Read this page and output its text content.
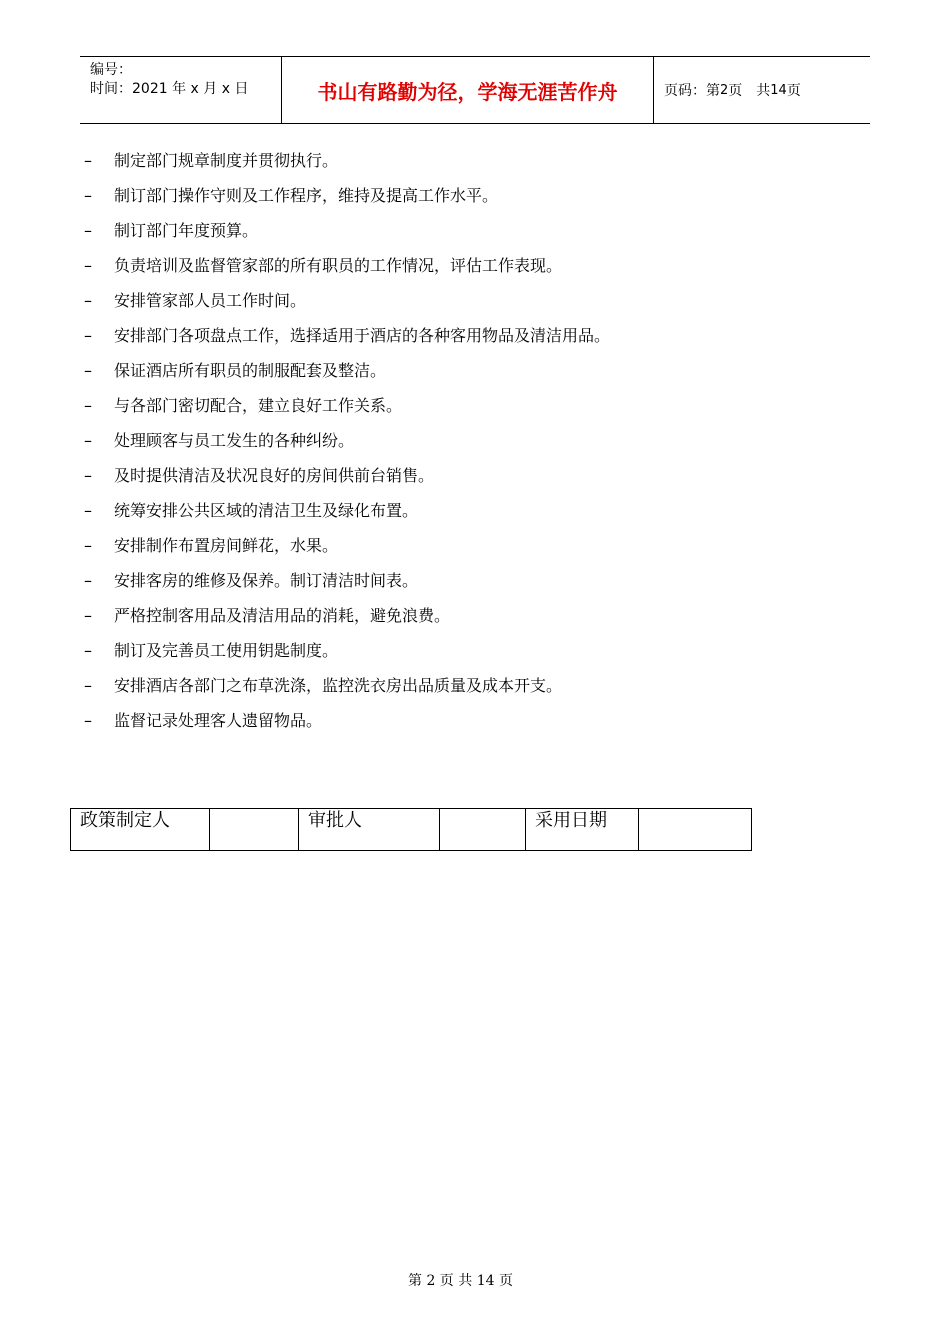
编号：
时间：2021 年 x 月 x 日	书山有路勤为径，学海无涯苦作舟	页码：第 2 页 共 14 页
–	制定部门规章制度并贯彻执行。
–	制订部门操作守则及工作程序，维持及提高工作水平。
–	制订部门年度预算。
–	负责培训及监督管家部的所有职员的工作情况，评估工作表现。
–	安排管家部人员工作时间。
–	安排部门各项盘点工作，选择适用于酒店的各种客用物品及清洁用品。
–	保证酒店所有职员的制服配套及整洁。
–	与各部门密切配合，建立良好工作关系。
–	处理顾客与员工发生的各种纠纷。
–	及时提供清洁及状况良好的房间供前台销售。
–	统筹安排公共区域的清洁卫生及绿化布置。
–	安排制作布置房间鲜花，水果。
–	安排客房的维修及保养。制订清洁时间表。
–	严格控制客用品及清洁用品的消耗，避免浪费。
–	制订及完善员工使用钥匙制度。
–	安排酒店各部门之布草洗涤，监控洗衣房出品质量及成本开支。
–	监督记录处理客人遗留物品。
政策制定人		审批人		采用日期	
第 2 页 共 14 页
